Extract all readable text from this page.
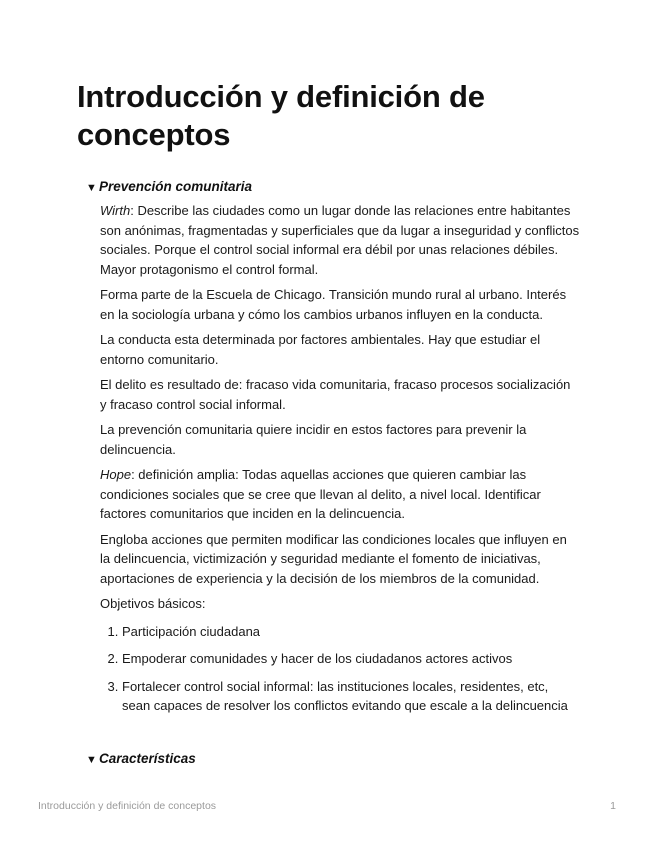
Introducción y definición de conceptos
▼ Prevención comunitaria

Wirth: Describe las ciudades como un lugar donde las relaciones entre habitantes son anónimas, fragmentadas y superficiales que da lugar a inseguridad y conflictos sociales. Porque el control social informal era débil por unas relaciones débiles. Mayor protagonismo el control formal.

Forma parte de la Escuela de Chicago. Transición mundo rural al urbano. Interés en la sociología urbana y cómo los cambios urbanos influyen en la conducta.

La conducta esta determinada por factores ambientales. Hay que estudiar el entorno comunitario.

El delito es resultado de: fracaso vida comunitaria, fracaso procesos socialización y fracaso control social informal.

La prevención comunitaria quiere incidir en estos factores para prevenir la delincuencia.

Hope: definición amplia: Todas aquellas acciones que quieren cambiar las condiciones sociales que se cree que llevan al delito, a nivel local. Identificar factores comunitarios que inciden en la delincuencia.

Engloba acciones que permiten modificar las condiciones locales que influyen en la delincuencia, victimización y seguridad mediante el fomento de iniciativas, aportaciones de experiencia y la decisión de los miembros de la comunidad.

Objetivos básicos:

1. Participación ciudadana
2. Empoderar comunidades y hacer de los ciudadanos actores activos
3. Fortalecer control social informal: las instituciones locales, residentes, etc, sean capaces de resolver los conflictos evitando que escale a la delincuencia
▼ Características
Introducción y definición de conceptos	1
